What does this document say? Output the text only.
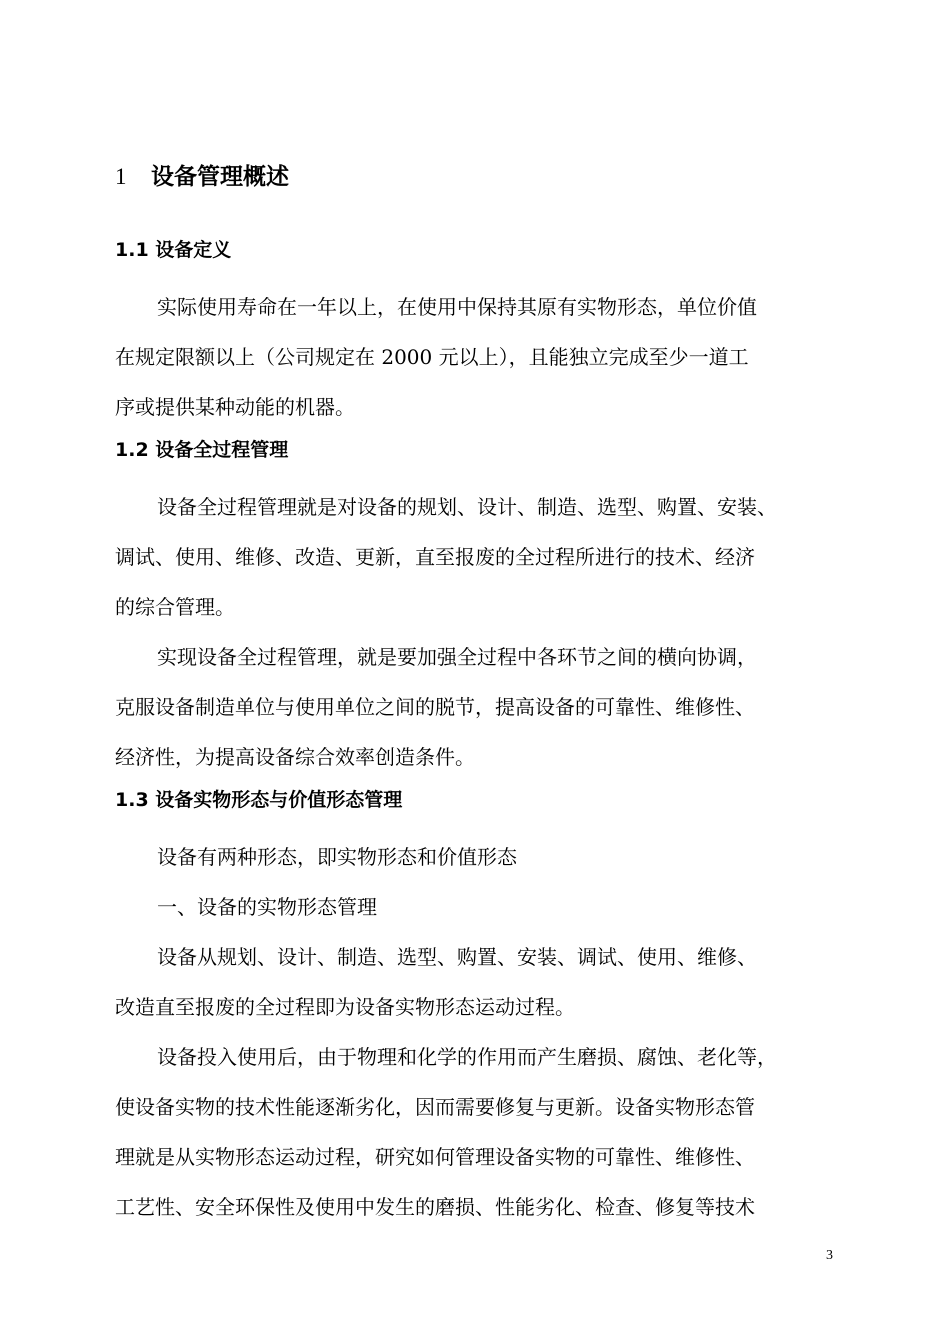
1 设备管理概述
1.1 设备定义
实际使用寿命在一年以上，在使用中保持其原有实物形态，单位价值
在规定限额以上（公司规定在 2000 元以上），且能独立完成至少一道工
序或提供某种动能的机器。
1.2 设备全过程管理
设备全过程管理就是对设备的规划、设计、制造、选型、购置、安装、
调试、使用、维修、改造、更新，直至报废的全过程所进行的技术、经济
的综合管理。
实现设备全过程管理，就是要加强全过程中各环节之间的横向协调，
克服设备制造单位与使用单位之间的脱节，提高设备的可靠性、维修性、
经济性，为提高设备综合效率创造条件。
1.3 设备实物形态与价值形态管理
设备有两种形态，即实物形态和价值形态
一、设备的实物形态管理
设备从规划、设计、制造、选型、购置、安装、调试、使用、维修、
改造直至报废的全过程即为设备实物形态运动过程。
设备投入使用后，由于物理和化学的作用而产生磨损、腐蚀、老化等，
使设备实物的技术性能逐渐劣化，因而需要修复与更新。设备实物形态管
理就是从实物形态运动过程，研究如何管理设备实物的可靠性、维修性、
工艺性、安全环保性及使用中发生的磨损、性能劣化、检查、修复等技术
3
